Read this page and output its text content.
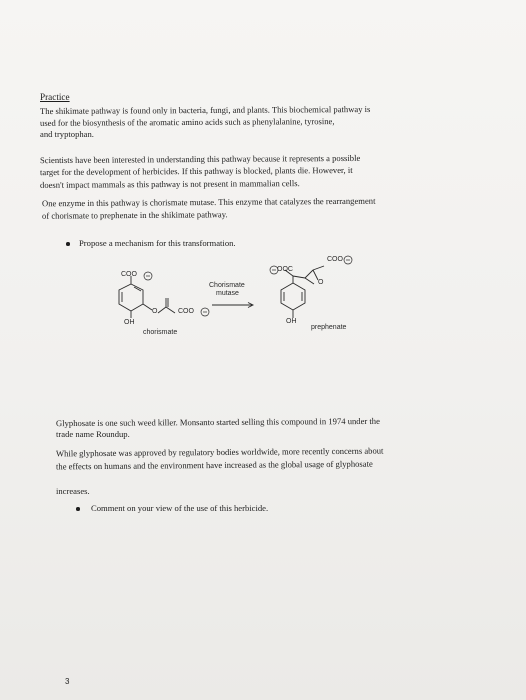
Practice
The shikimate pathway is found only in bacteria, fungi, and plants. This biochemical pathway is
used for the biosynthesis of the aromatic amino acids such as phenylalanine, tyrosine,
and tryptophan.
Scientists have been interested in understanding this pathway because it represents a possible
target for the development of herbicides. If this pathway is blocked, plants die. However, it
doesn't impact mammals as this pathway is not present in mammalian cells.
One enzyme in this pathway is chorismate mutase. This enzyme that catalyzes the rearrangement
of chorismate to prephenate in the shikimate pathway.
Propose a mechanism for this transformation.
COO
O	COO
OH
chorismate
Chorismate
mutase
OOC
COO
O
OH
prephenate
Glyphosate is one such weed killer. Monsanto started selling this compound in 1974 under the
trade name Roundup.
While glyphosate was approved by regulatory bodies worldwide, more recently concerns about
the effects on humans and the environment have increased as the global usage of glyphosate
increases.
Comment on your view of the use of this herbicide.
3
